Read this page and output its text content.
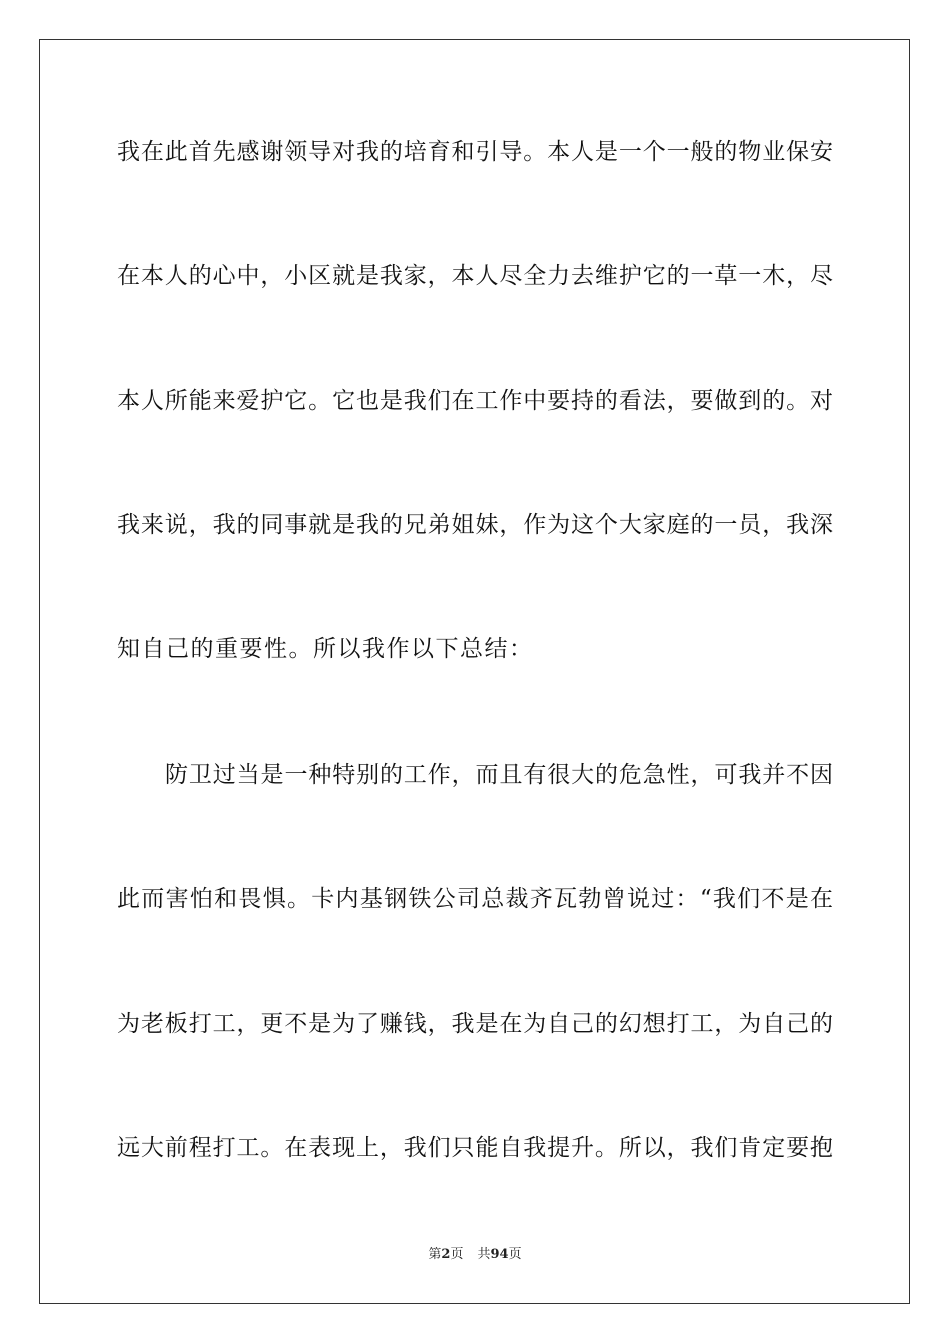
我在此首先感谢领导对我的培育和引导。本人是一个一般的物业保安
在本人的心中，小区就是我家，本人尽全力去维护它的一草一木，尽
本人所能来爱护它。它也是我们在工作中要持的看法，要做到的。对
我来说，我的同事就是我的兄弟姐妹，作为这个大家庭的一员，我深
知自己的重要性。所以我作以下总结：
防卫过当是一种特别的工作，而且有很大的危急性，可我并不因
此而害怕和畏惧。卡内基钢铁公司总裁齐瓦勃曾说过：“我们不是在
为老板打工，更不是为了赚钱，我是在为自己的幻想打工，为自己的
远大前程打工。在表现上，我们只能自我提升。所以，我们肯定要抱
第2页 共94页
